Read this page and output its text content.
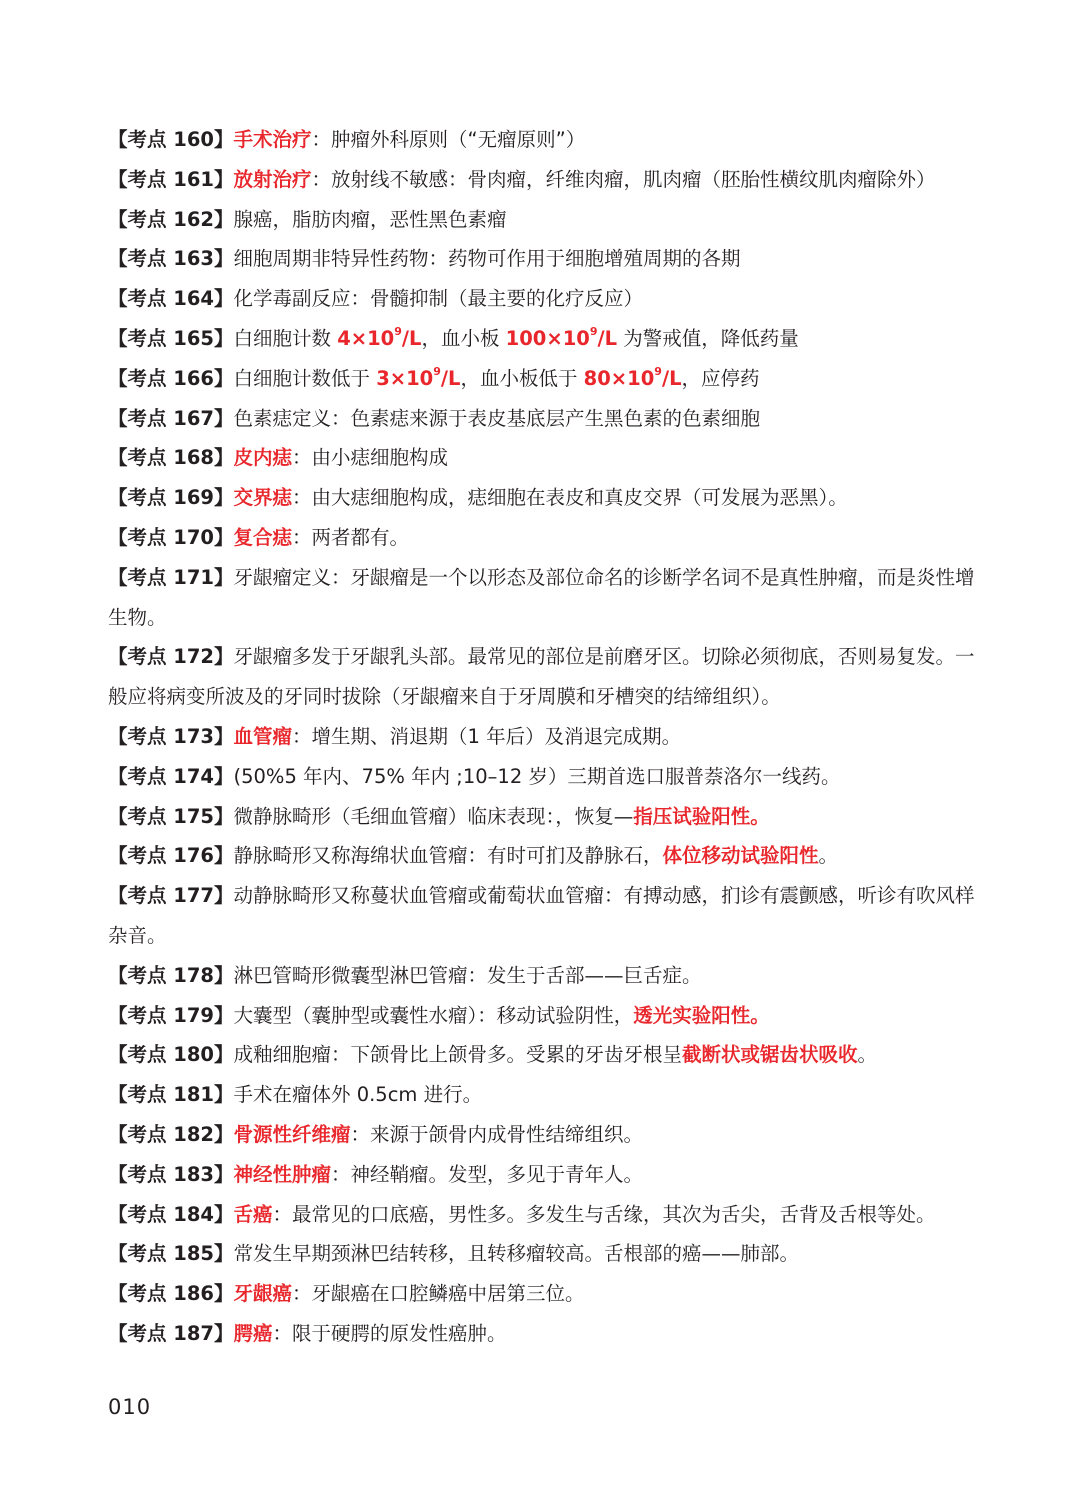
【考点 160】手术治疗：肿瘤外科原则（“无瘤原则”）

【考点 161】放射治疗：放射线不敏感：骨肉瘤，纤维肉瘤，肌肉瘤（胚胎性横纹肌肉瘤除外）

【考点 162】腺癌，脂肪肉瘤，恶性黑色素瘤

【考点 163】细胞周期非特异性药物：药物可作用于细胞增殖周期的各期

【考点 164】化学毒副反应：骨髓抑制（最主要的化疗反应）

【考点 165】白细胞计数 $4\times 10^9/L$，血小板 $100\times 10^9/L$ 为警戒值，降低药量

【考点 166】白细胞计数低于 $3\times 10^9/L$，血小板低于 $80\times 10^9/L$，应停药

【考点 167】色素痣定义：色素痣来源于表皮基底层产生黑色素的色素细胞

【考点 168】皮内痣：由小痣细胞构成

【考点 169】交界痣：由大痣细胞构成，痣细胞在表皮和真皮交界（可发展为恶黑）。

【考点 170】复合痣：两者都有。

【考点 171】牙龈瘤定义：牙龈瘤是一个以形态及部位命名的诊断学名词不是真性肿瘤，而是炎性增生物。

【考点 172】牙龈瘤多发于牙龈乳头部。最常见的部位是前磨牙区。切除必须彻底，否则易复发。一般应将病变所波及的牙同时拔除（牙龈瘤来自于牙周膜和牙槽突的结缔组织）。

【考点 173】血管瘤：增生期、消退期（1 年后）及消退完成期。

【考点 174】(50%5 年内、75% 年内 ;10–12 岁）三期首选口服普萘洛尔一线药。

【考点 175】微静脉畸形（毛细血管瘤）临床表现：，恢复—指压试验阳性。

【考点 176】静脉畸形又称海绵状血管瘤：有时可扪及静脉石，体位移动试验阳性。

【考点 177】动静脉畸形又称蔓状血管瘤或葡萄状血管瘤：有搏动感，扪诊有震颤感，听诊有吹风样杂音。

【考点 178】淋巴管畸形微囊型淋巴管瘤：发生于舌部——巨舌症。

【考点 179】大囊型（囊肿型或囊性水瘤）：移动试验阴性，透光实验阳性。

【考点 180】成釉细胞瘤：下颌骨比上颌骨多。受累的牙齿牙根呈截断状或锯齿状吸收。

【考点 181】手术在瘤体外 0.5cm 进行。

【考点 182】骨源性纤维瘤：来源于颌骨内成骨性结缔组织。

【考点 183】神经性肿瘤：神经鞘瘤。发型，多见于青年人。

【考点 184】舌癌：最常见的口底癌，男性多。多发生与舌缘，其次为舌尖，舌背及舌根等处。

【考点 185】常发生早期颈淋巴结转移，且转移瘤较高。舌根部的癌——肺部。

【考点 186】牙龈癌：牙龈癌在口腔鳞癌中居第三位。

【考点 187】腭癌：限于硬腭的原发性癌肿。

010
